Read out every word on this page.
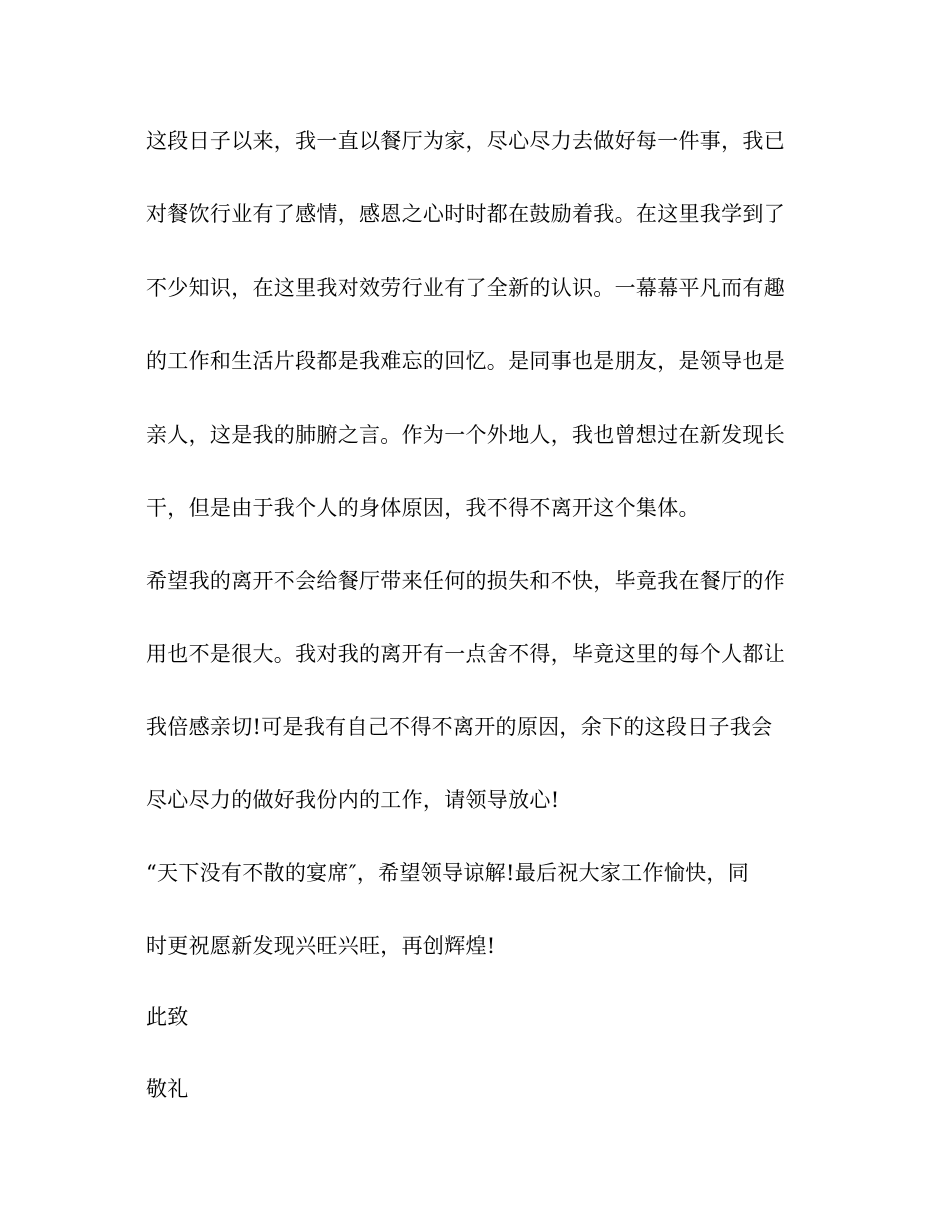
这段日子以来，我一直以餐厅为家，尽心尽力去做好每一件事，我已
对餐饮行业有了感情，感恩之心时时都在鼓励着我。在这里我学到了
不少知识，在这里我对效劳行业有了全新的认识。一幕幕平凡而有趣
的工作和生活片段都是我难忘的回忆。是同事也是朋友，是领导也是
亲人，这是我的肺腑之言。作为一个外地人，我也曾想过在新发现长
干，但是由于我个人的身体原因，我不得不离开这个集体。
希望我的离开不会给餐厅带来任何的损失和不快，毕竟我在餐厅的作
用也不是很大。我对我的离开有一点舍不得，毕竟这里的每个人都让
我倍感亲切!可是我有自己不得不离开的原因，余下的这段日子我会
尽心尽力的做好我份内的工作，请领导放心!
“天下没有不散的宴席″，希望领导谅解!最后祝大家工作愉快，同
时更祝愿新发现兴旺兴旺，再创辉煌!
此致
敬礼
